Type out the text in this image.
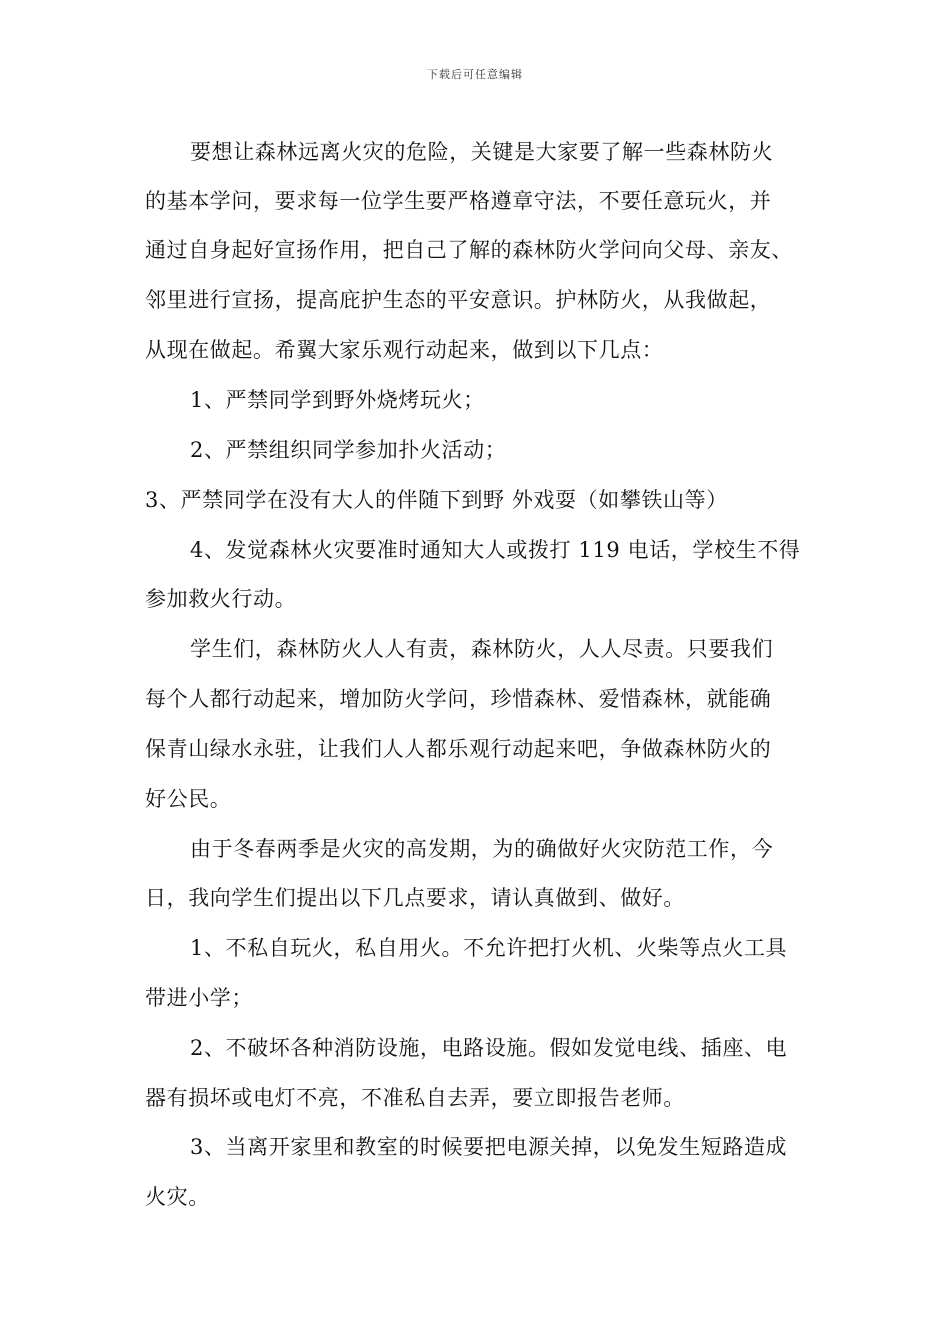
下载后可任意编辑
要想让森林远离火灾的危险，关键是大家要了解一些森林防火
的基本学问，要求每一位学生要严格遵章守法，不要任意玩火，并
通过自身起好宣扬作用，把自己了解的森林防火学问向父母、亲友、
邻里进行宣扬，提高庇护生态的平安意识。护林防火，从我做起，
从现在做起。希翼大家乐观行动起来，做到以下几点：
1、严禁同学到野外烧烤玩火；
2、严禁组织同学参加扑火活动；
3、严禁同学在没有大人的伴随下到野 外戏耍（如攀铁山等）
4、发觉森林火灾要准时通知大人或拨打 119 电话，学校生不得
参加救火行动。
学生们，森林防火人人有责，森林防火，人人尽责。只要我们
每个人都行动起来，增加防火学问，珍惜森林、爱惜森林，就能确
保青山绿水永驻，让我们人人都乐观行动起来吧，争做森林防火的
好公民。
由于冬春两季是火灾的高发期，为的确做好火灾防范工作，今
日，我向学生们提出以下几点要求，请认真做到、做好。
1、不私自玩火，私自用火。不允许把打火机、火柴等点火工具
带进小学；
2、不破坏各种消防设施，电路设施。假如发觉电线、插座、电
器有损坏或电灯不亮，不准私自去弄，要立即报告老师。
3、当离开家里和教室的时候要把电源关掉，以免发生短路造成
火灾。
